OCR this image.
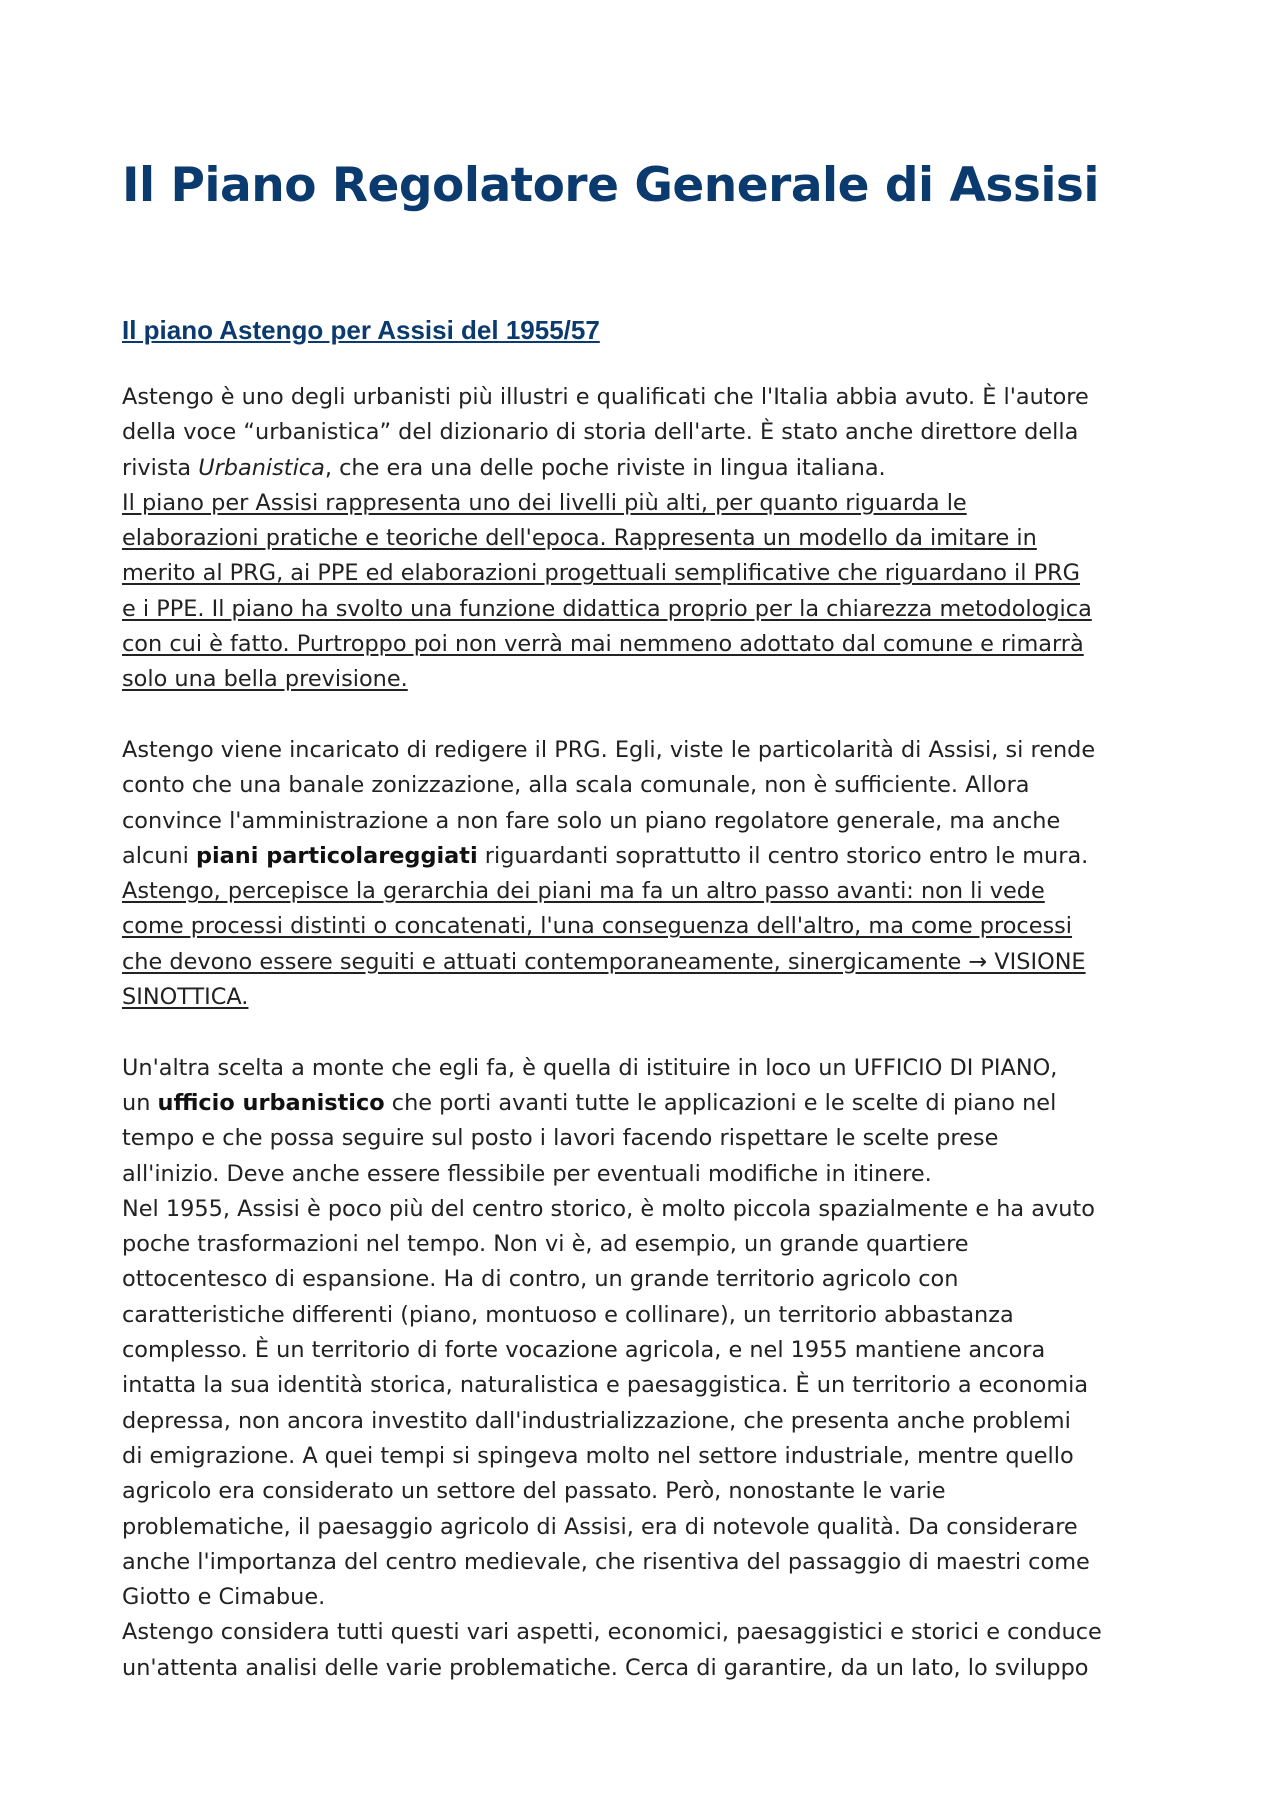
Il Piano Regolatore Generale di Assisi
Il piano Astengo per Assisi del 1955/57
Astengo è uno degli urbanisti più illustri e qualificati che l'Italia abbia avuto. È l'autore
della voce “urbanistica” del dizionario di storia dell'arte. È stato anche direttore della
rivista Urbanistica, che era una delle poche riviste in lingua italiana.
Il piano per Assisi rappresenta uno dei livelli più alti, per quanto riguarda le
elaborazioni pratiche e teoriche dell'epoca. Rappresenta un modello da imitare in
merito al PRG, ai PPE ed elaborazioni progettuali semplificative che riguardano il PRG
e i PPE. Il piano ha svolto una funzione didattica proprio per la chiarezza metodologica
con cui è fatto. Purtroppo poi non verrà mai nemmeno adottato dal comune e rimarrà
solo una bella previsione.
Astengo viene incaricato di redigere il PRG. Egli, viste le particolarità di Assisi, si rende
conto che una banale zonizzazione, alla scala comunale, non è sufficiente. Allora
convince l'amministrazione a non fare solo un piano regolatore generale, ma anche
alcuni piani particolareggiati riguardanti soprattutto il centro storico entro le mura.
Astengo, percepisce la gerarchia dei piani ma fa un altro passo avanti: non li vede
come processi distinti o concatenati, l'una conseguenza dell'altro, ma come processi
che devono essere seguiti e attuati contemporaneamente, sinergicamente → VISIONE
SINOTTICA.
Un'altra scelta a monte che egli fa, è quella di istituire in loco un UFFICIO DI PIANO,
un ufficio urbanistico che porti avanti tutte le applicazioni e le scelte di piano nel
tempo e che possa seguire sul posto i lavori facendo rispettare le scelte prese
all'inizio. Deve anche essere flessibile per eventuali modifiche in itinere.
Nel 1955, Assisi è poco più del centro storico, è molto piccola spazialmente e ha avuto
poche trasformazioni nel tempo. Non vi è, ad esempio, un grande quartiere
ottocentesco di espansione. Ha di contro, un grande territorio agricolo con
caratteristiche differenti (piano, montuoso e collinare), un territorio abbastanza
complesso. È un territorio di forte vocazione agricola, e nel 1955 mantiene ancora
intatta la sua identità storica, naturalistica e paesaggistica. È un territorio a economia
depressa, non ancora investito dall'industrializzazione, che presenta anche problemi
di emigrazione. A quei tempi si spingeva molto nel settore industriale, mentre quello
agricolo era considerato un settore del passato. Però, nonostante le varie
problematiche, il paesaggio agricolo di Assisi, era di notevole qualità. Da considerare
anche l'importanza del centro medievale, che risentiva del passaggio di maestri come
Giotto e Cimabue.
Astengo considera tutti questi vari aspetti, economici, paesaggistici e storici e conduce
un'attenta analisi delle varie problematiche. Cerca di garantire, da un lato, lo sviluppo
